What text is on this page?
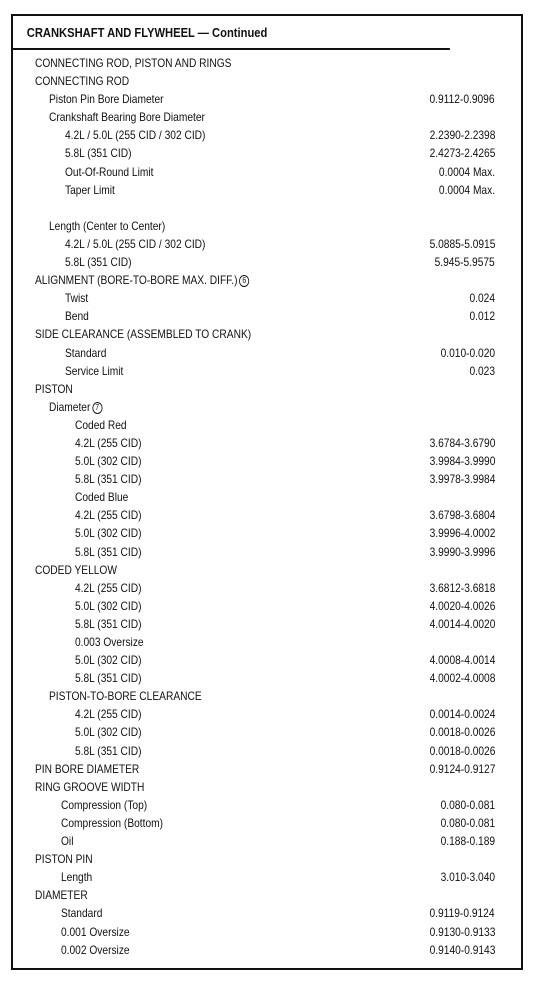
CRANKSHAFT AND FLYWHEEL — Continued
CONNECTING ROD, PISTON AND RINGS
CONNECTING ROD
Piston Pin Bore Diameter	0.9112-0.9096
Crankshaft Bearing Bore Diameter
4.2L / 5.0L (255 CID / 302 CID)	2.2390-2.2398
5.8L (351 CID)	2.4273-2.4265
Out-Of-Round Limit	0.0004 Max.
Taper Limit	0.0004 Max.
Length (Center to Center)
4.2L / 5.0L (255 CID / 302 CID)	5.0885-5.0915
5.8L (351 CID)	5.945-5.9575
ALIGNMENT (BORE-TO-BORE MAX. DIFF.) 6
Twist	0.024
Bend	0.012
SIDE CLEARANCE (ASSEMBLED TO CRANK)
Standard	0.010-0.020
Service Limit	0.023
PISTON
Diameter 7
Coded Red
4.2L (255 CID)	3.6784-3.6790
5.0L (302 CID)	3.9984-3.9990
5.8L (351 CID)	3.9978-3.9984
Coded Blue
4.2L (255 CID)	3.6798-3.6804
5.0L (302 CID)	3.9996-4.0002
5.8L (351 CID)	3.9990-3.9996
CODED YELLOW
4.2L (255 CID)	3.6812-3.6818
5.0L (302 CID)	4.0020-4.0026
5.8L (351 CID)	4.0014-4.0020
0.003 Oversize
5.0L (302 CID)	4.0008-4.0014
5.8L (351 CID)	4.0002-4.0008
PISTON-TO-BORE CLEARANCE
4.2L (255 CID)	0.0014-0.0024
5.0L (302 CID)	0.0018-0.0026
5.8L (351 CID)	0.0018-0.0026
PIN BORE DIAMETER	0.9124-0.9127
RING GROOVE WIDTH
Compression (Top)	0.080-0.081
Compression (Bottom)	0.080-0.081
Oil	0.188-0.189
PISTON PIN
Length	3.010-3.040
DIAMETER
Standard	0.9119-0.9124
0.001 Oversize	0.9130-0.9133
0.002 Oversize	0.9140-0.9143
